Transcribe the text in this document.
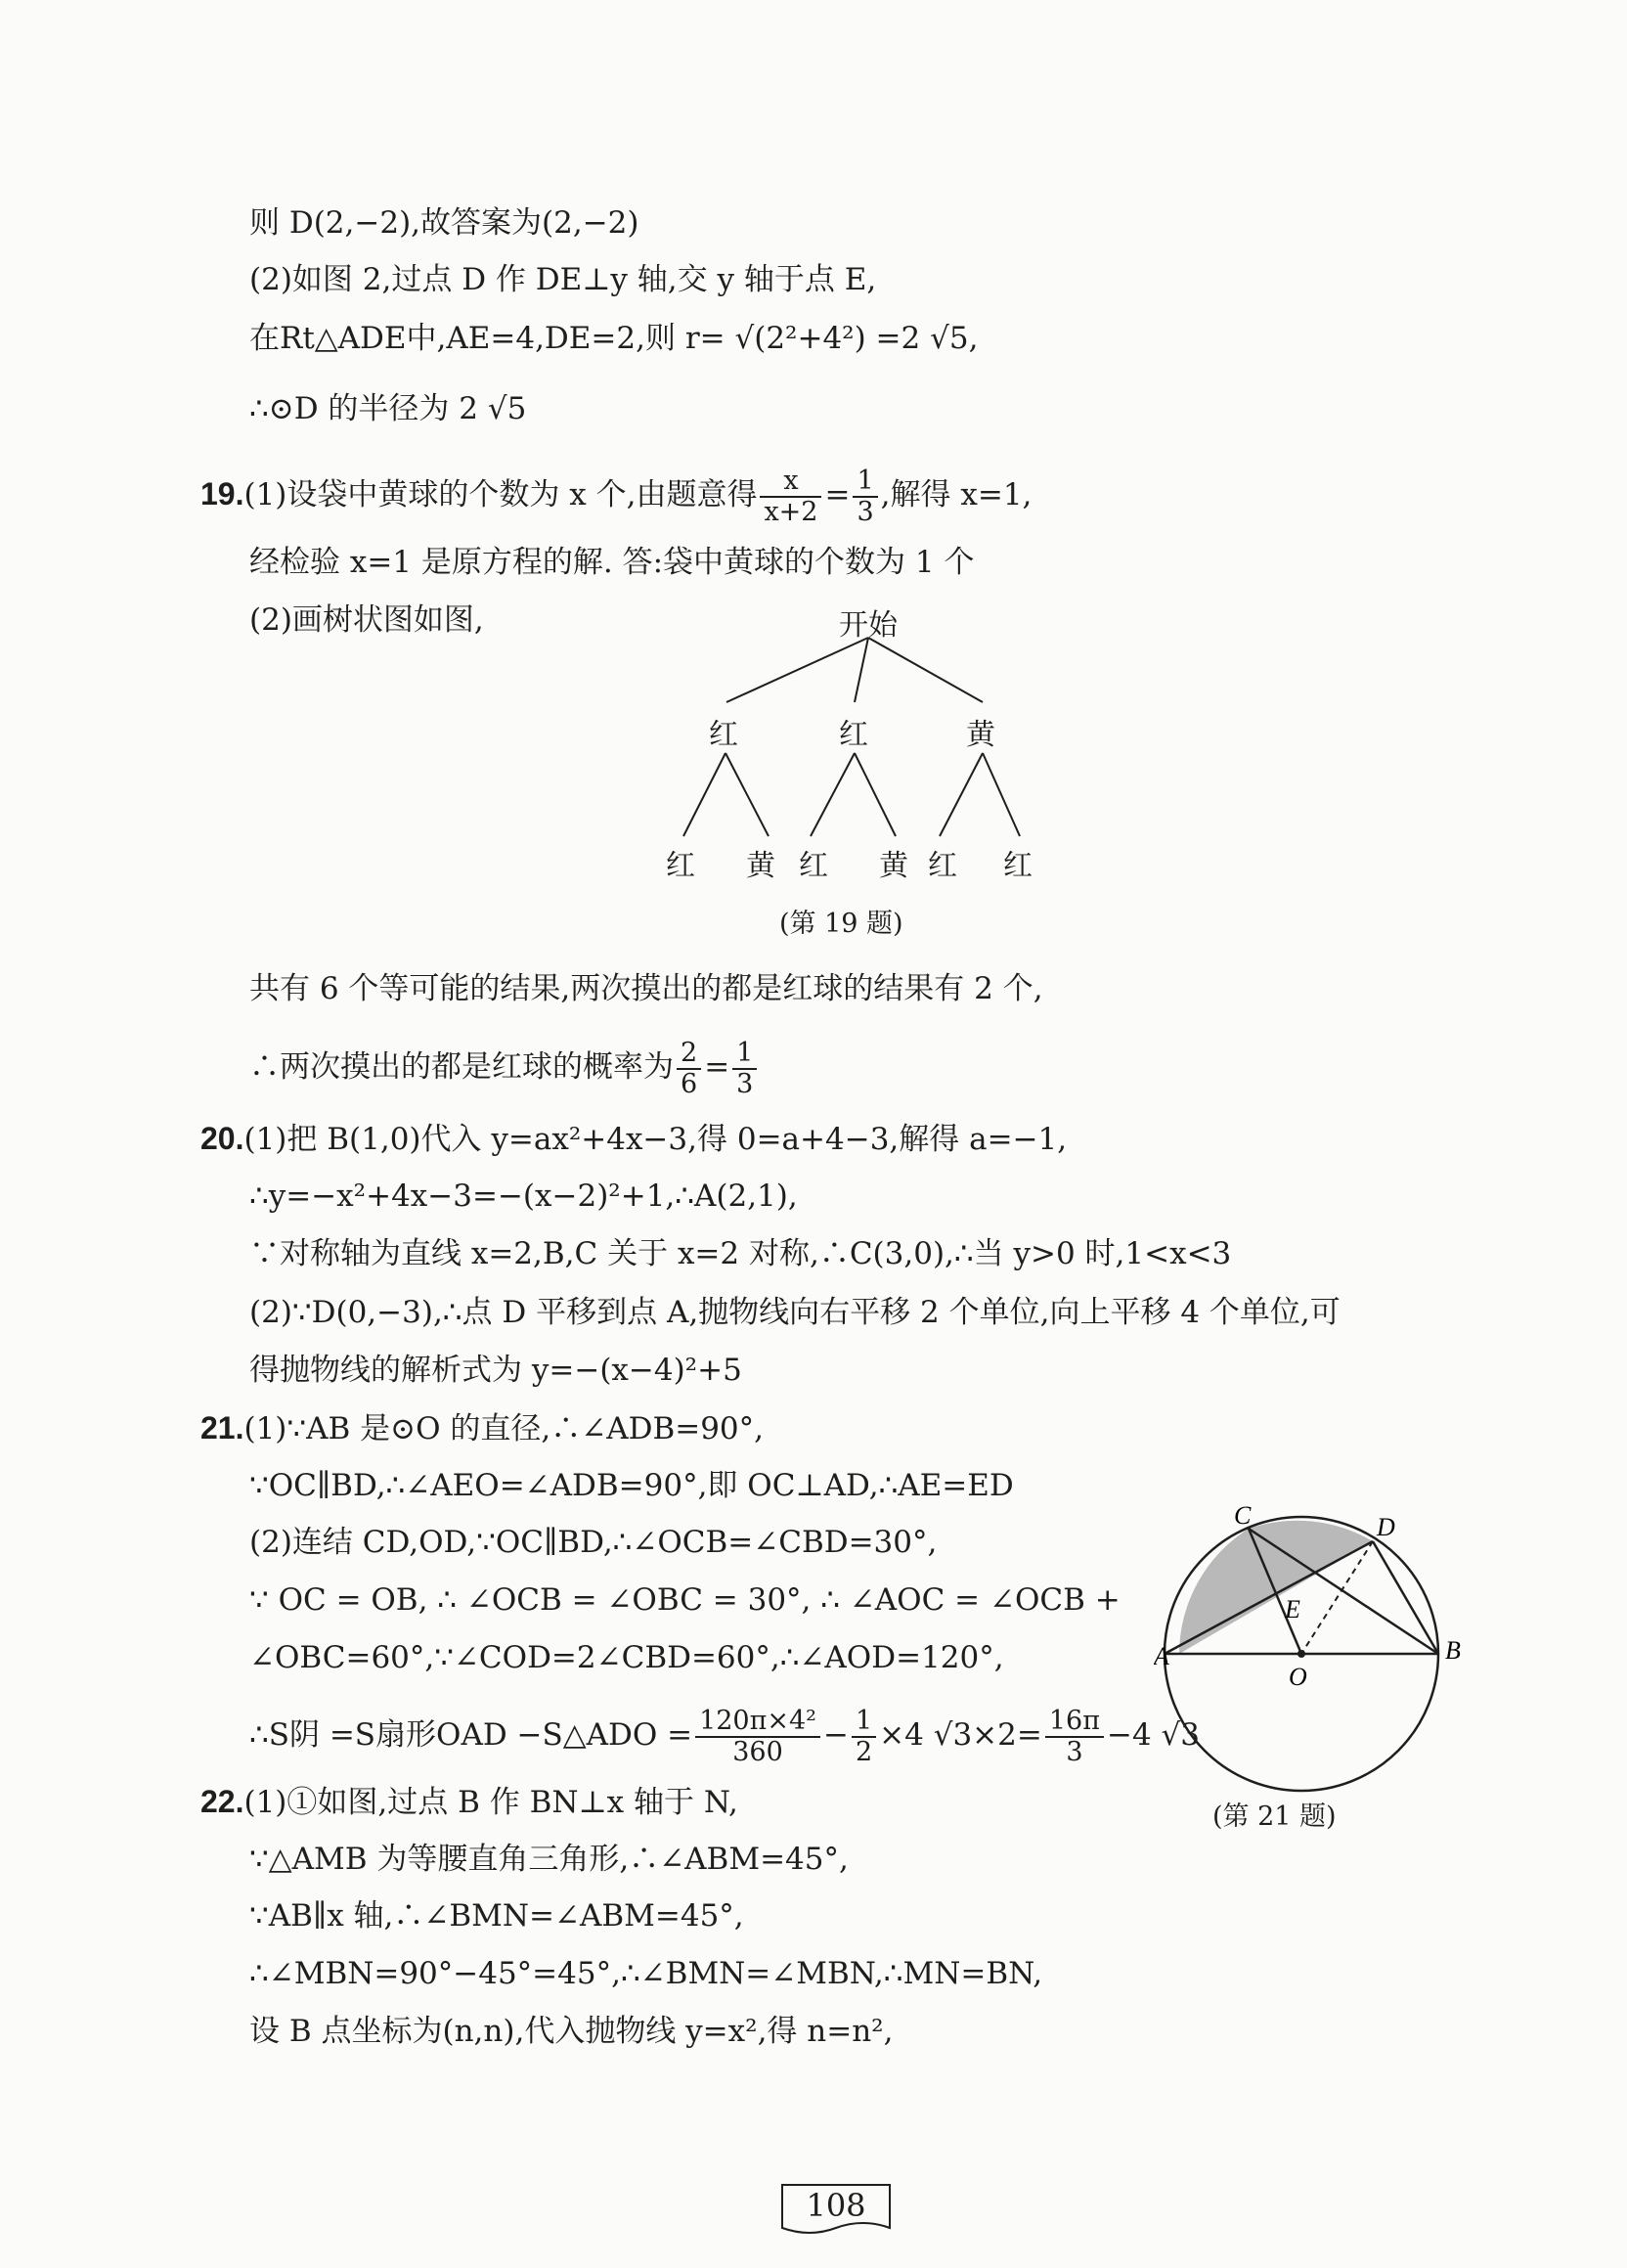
则 D(2,−2),故答案为(2,−2)
(2)如图 2,过点 D 作 DE⊥y 轴,交 y 轴于点 E,
在Rt△ADE中,AE=4,DE=2,则 r= √(2²+4²) =2 √5,
∴⊙D 的半径为 2 √5
19.(1)设袋中黄球的个数为 x 个,由题意得 $\frac{x}{x+2} = \frac{1}{3}$ ,解得 x=1,
经检验 x=1 是原方程的解. 答:袋中黄球的个数为 1 个
(2)画树状图如图,	开始
红	红	黄
红 黄 红 黄 红 红
(第 19 题)
共有 6 个等可能的结果,两次摸出的都是红球的结果有 2 个,
∴两次摸出的都是红球的概率为 $\frac{2}{6} = \frac{1}{3}$
20.(1)把 B(1,0)代入 y=ax²+4x−3,得 0=a+4−3,解得 a=−1,
∴y=−x²+4x−3=−(x−2)²+1,∴A(2,1),
∵对称轴为直线 x=2,B,C 关于 x=2 对称,∴C(3,0),∴当 y>0 时,1<x<3
(2)∵D(0,−3),∴点 D 平移到点 A,抛物线向右平移 2 个单位,向上平移 4 个单位,可
得抛物线的解析式为 y=−(x−4)²+5
21.(1)∵AB 是⊙O 的直径,∴∠ADB=90°,
∵OC∥BD,∴∠AEO=∠ADB=90°,即 OC⊥AD,∴AE=ED
(2)连结 CD,OD,∵OC∥BD,∴∠OCB=∠CBD=30°,
∵ OC = OB, ∴ ∠OCB = ∠OBC = 30°, ∴ ∠AOC = ∠OCB +
∠OBC=60°,∵∠COD=2∠CBD=60°,∴∠AOD=120°,
∴S阴 =S扇形OAD −S△ADO = $\frac{\text{120π×4²}}{360} - \frac{1}{2} \times 4$ $√3\times 2= \frac{16\pi}{3} -4$ √3
C	D
A	B
E
O
(第 21 题)
22.(1)①如图,过点 B 作 BN⊥x 轴于 N,
∵△AMB 为等腰直角三角形,∴∠ABM=45°,
∵AB∥x 轴,∴∠BMN=∠ABM=45°,
∴∠MBN=90°−45°=45°,∴∠BMN=∠MBN,∴MN=BN,
设 B 点坐标为(n,n),代入抛物线 y=x²,得 n=n²,
108
